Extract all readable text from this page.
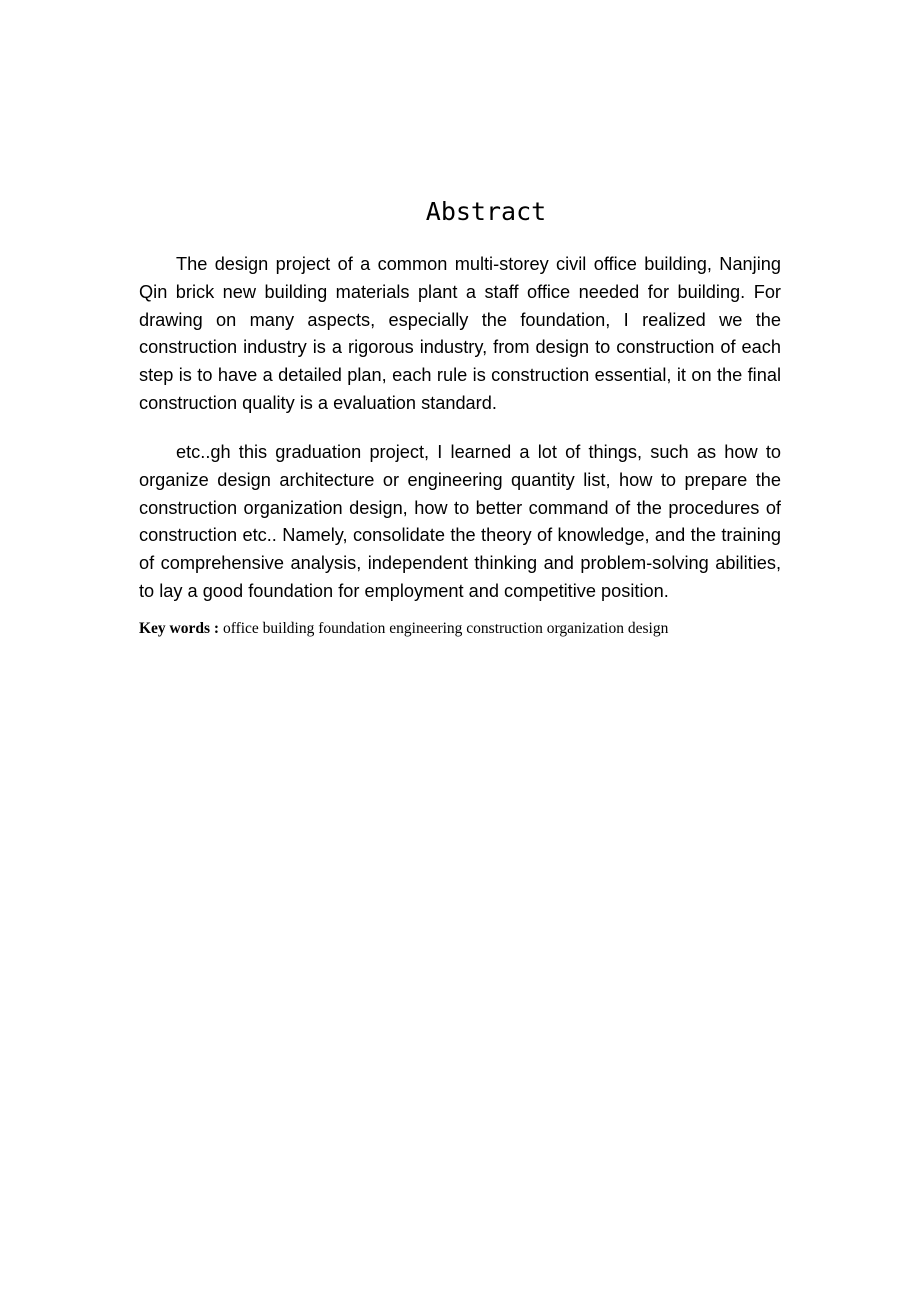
Abstract

The design project of a common multi-storey civil office building, Nanjing Qin brick new building materials plant a staff office needed for building. For drawing on many aspects, especially the foundation, I realized we the construction industry is a rigorous industry, from design to construction of each step is to have a detailed plan, each rule is construction essential, it on the final construction quality is a evaluation standard.

etc..gh this graduation project, I learned a lot of things, such as how to organize design architecture or engineering quantity list, how to prepare the construction organization design, how to better command of the procedures of construction etc.. Namely, consolidate the theory of knowledge, and the training of comprehensive analysis, independent thinking and problem-solving abilities, to lay a good foundation for employment and competitive position.

Key words : office building foundation engineering construction organization design
